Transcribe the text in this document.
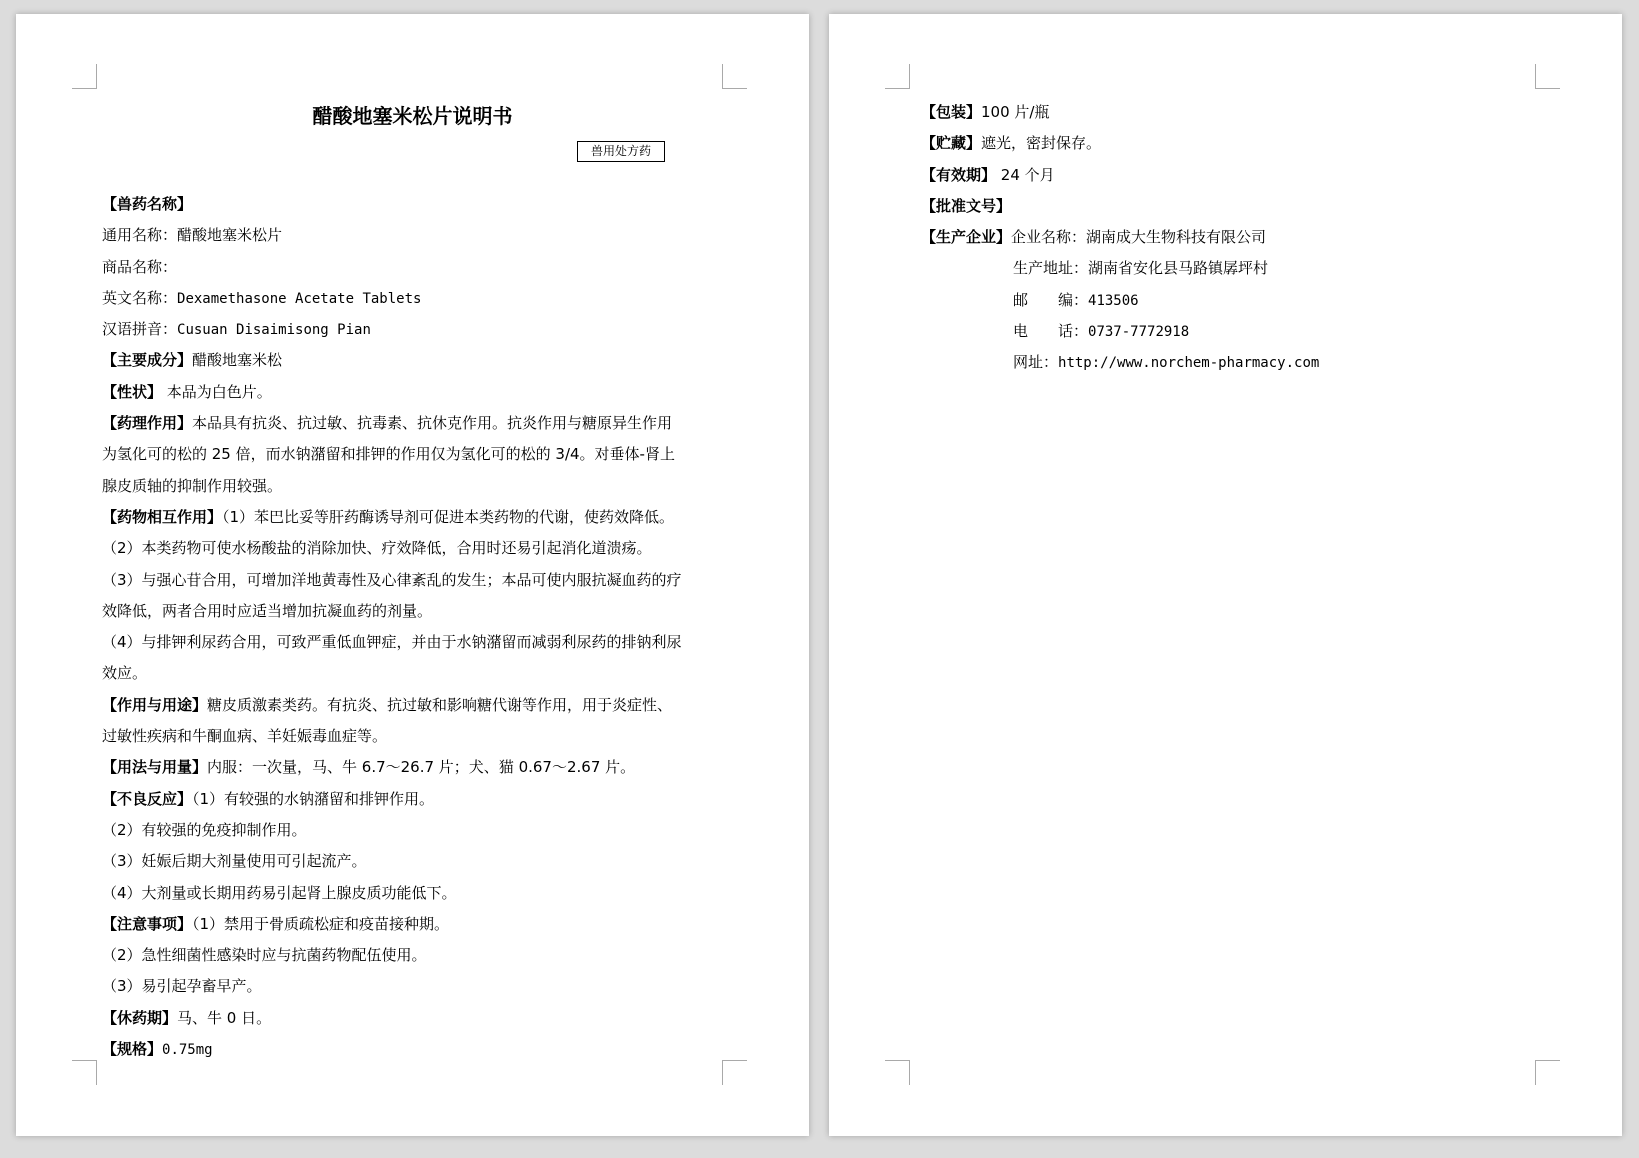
醋酸地塞米松片说明书
兽用处方药
【兽药名称】
通用名称：醋酸地塞米松片
商品名称：
英文名称：Dexamethasone Acetate Tablets
汉语拼音：Cusuan Disaimisong Pian
【主要成分】醋酸地塞米松
【性状】 本品为白色片。
【药理作用】本品具有抗炎、抗过敏、抗毒素、抗休克作用。抗炎作用与糖原异生作用
为氢化可的松的 25 倍，而水钠潴留和排钾的作用仅为氢化可的松的 3/4。对垂体-肾上
腺皮质轴的抑制作用较强。
【药物相互作用】（1）苯巴比妥等肝药酶诱导剂可促进本类药物的代谢，使药效降低。
（2）本类药物可使水杨酸盐的消除加快、疗效降低，合用时还易引起消化道溃疡。
（3）与强心苷合用，可增加洋地黄毒性及心律紊乱的发生；本品可使内服抗凝血药的疗
效降低，两者合用时应适当增加抗凝血药的剂量。
（4）与排钾利尿药合用，可致严重低血钾症，并由于水钠潴留而减弱利尿药的排钠利尿
效应。
【作用与用途】糖皮质激素类药。有抗炎、抗过敏和影响糖代谢等作用，用于炎症性、
过敏性疾病和牛酮血病、羊妊娠毒血症等。
【用法与用量】内服：一次量，马、牛 6.7～26.7 片；犬、猫 0.67～2.67 片。
【不良反应】（1）有较强的水钠潴留和排钾作用。
（2）有较强的免疫抑制作用。
（3）妊娠后期大剂量使用可引起流产。
（4）大剂量或长期用药易引起肾上腺皮质功能低下。
【注意事项】（1）禁用于骨质疏松症和疫苗接种期。
（2）急性细菌性感染时应与抗菌药物配伍使用。
（3）易引起孕畜早产。
【休药期】马、牛 0 日。
【规格】0.75mg
【包装】100 片/瓶
【贮藏】遮光，密封保存。
【有效期】 24 个月
【批准文号】
【生产企业】企业名称：湖南成大生物科技有限公司
生产地址：湖南省安化县马路镇孱坪村
邮　　编：413506
电　　话：0737-7772918
网址：http://www.norchem-pharmacy.com
